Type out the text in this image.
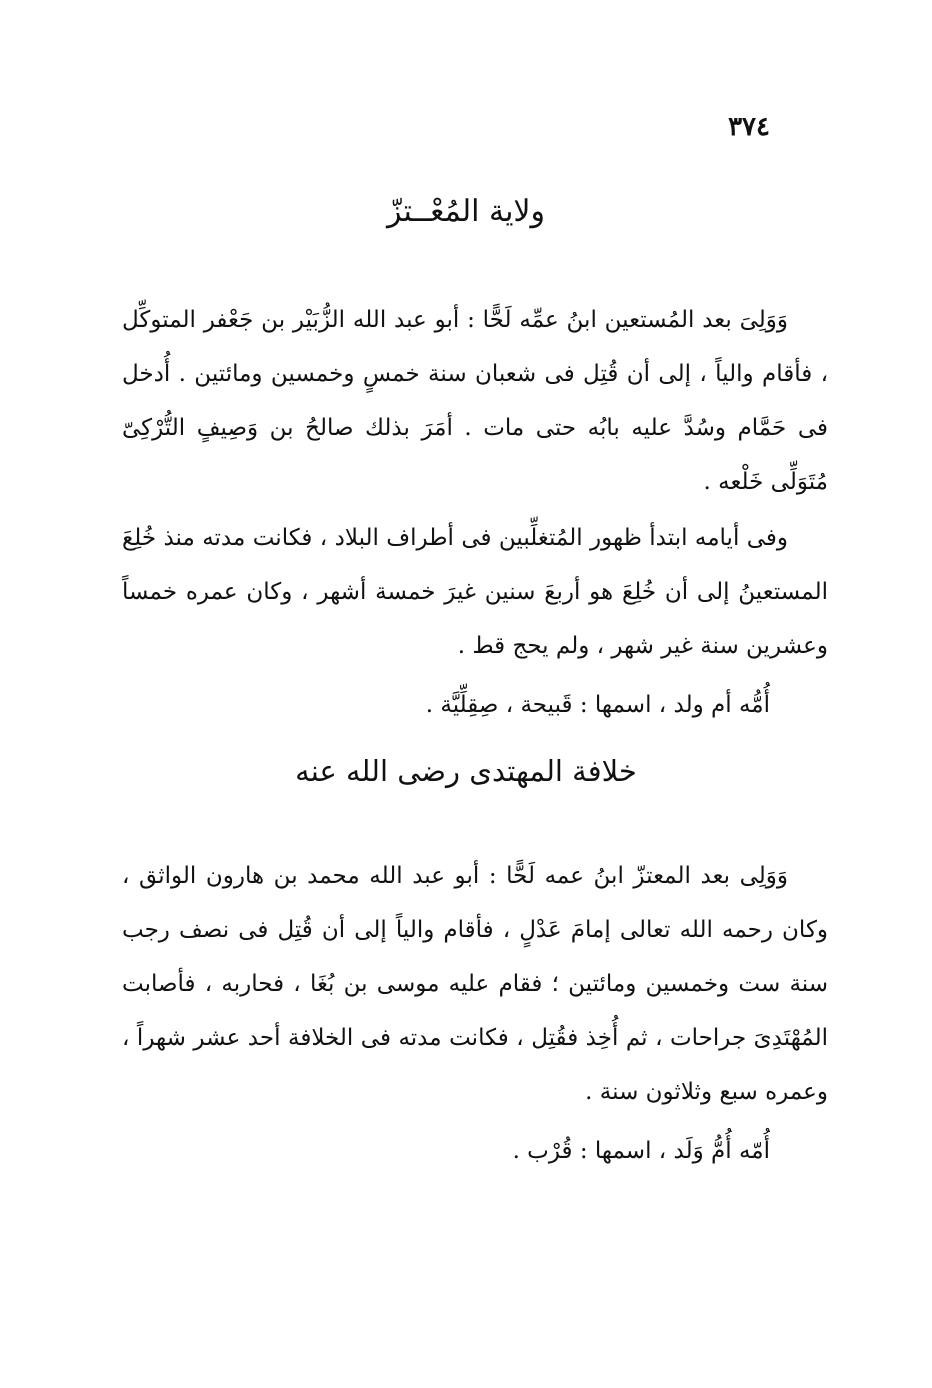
٣٧٤
ولاية المُعْــتزّ

وَوَلِىَ بعد المُستعين ابنُ عمِّه لَحًّا : أبو عبد الله الزُّبَيْر بن جَعْفر المتوكِّل ، فأقام والياً ، إلى أن قُتِل فى شعبان سنة خمسٍ وخمسين ومائتين . أُدخل فى حَمَّام وسُدَّ عليه بابُه حتى مات . أمَرَ بذلك صالحُ بن وَصِيفٍ التُّرْكِىّ مُتَوَلِّى خَلْعه .

وفى أيامه ابتدأ ظهور المُتغلِّبين فى أطراف البلاد ، فكانت مدته منذ خُلِعَ المستعينُ إلى أن خُلِعَ هو أربعَ سنين غيرَ خمسة أشهر ، وكان عمره خمساً وعشرين سنة غير شهر ، ولم يحج قط .

أُمُّه أم ولد ، اسمها : قَبيحة ، صِقِلِّيَّة .

خلافة المهتدى رضى الله عنه

وَوَلِى بعد المعتزّ ابنُ عمه لَحًّا : أبو عبد الله محمد بن هارون الواثق ، وكان رحمه الله تعالى إمامَ عَدْلٍ ، فأقام والياً إلى أن قُتِل فى نصف رجب سنة ست وخمسين ومائتين ؛ فقام عليه موسى بن بُغَا ، فحاربه ، فأصابت المُهْتَدِىَ جراحات ، ثم أُخِذ فقُتِل ، فكانت مدته فى الخلافة أحد عشر شهراً ، وعمره سبع وثلاثون سنة .

أُمّه أُمُّ وَلَد ، اسمها : قُرْب .
